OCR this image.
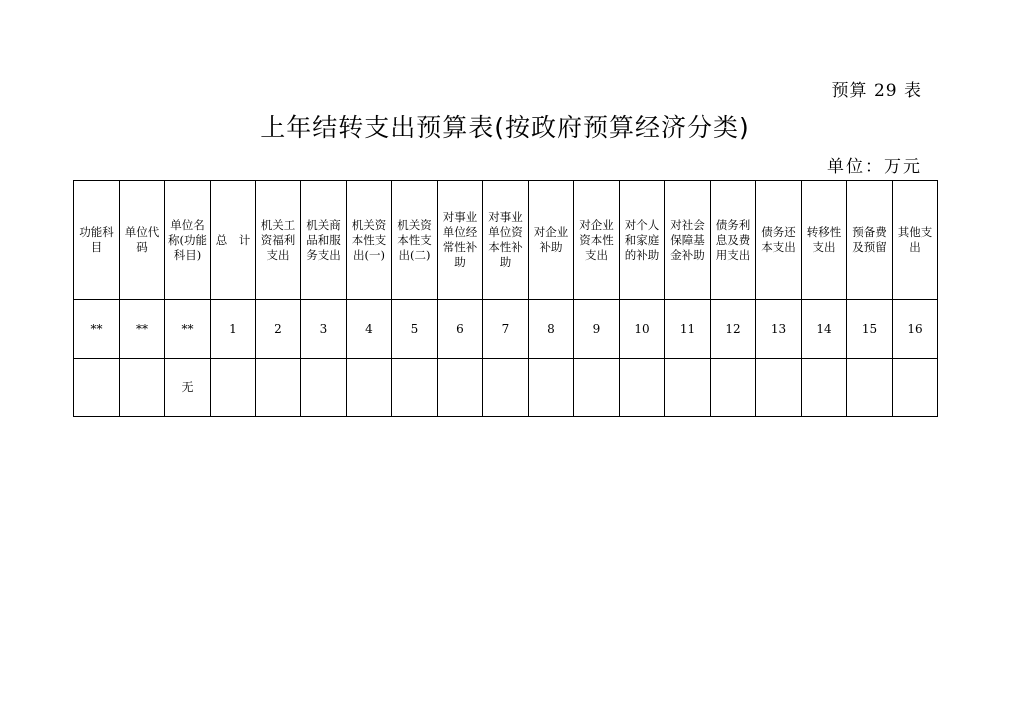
预算 29 表
上年结转支出预算表(按政府预算经济分类)
单位：万元
功能科目	单位代码	单位名称(功能科目)	总　计	机关工资福利支出	机关商品和服务支出	机关资本性支出(一)	机关资本性支出(二)	对事业单位经常性补助	对事业单位资本性补助	对企业补助	对企业资本性支出	对个人和家庭的补助	对社会保障基金补助	债务利息及费用支出	债务还本支出	转移性支出	预备费及预留	其他支出
**	**	**	1	2	3	4	5	6	7	8	9	10	11	12	13	14	15	16
		无																
